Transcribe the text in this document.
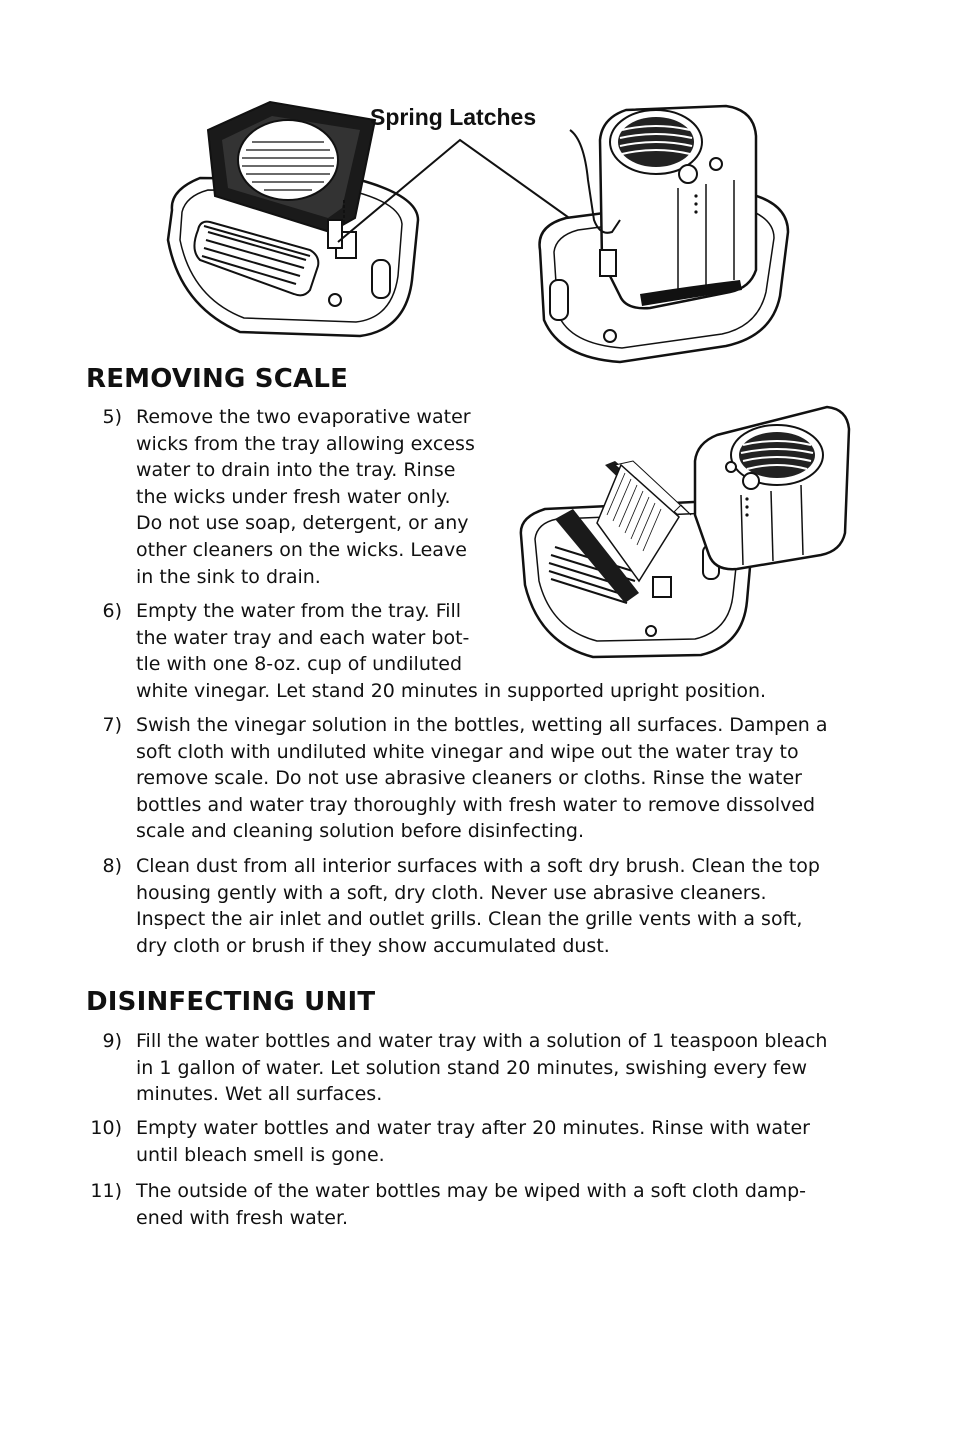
Spring Latches
REMOVING SCALE
5) Remove the two evaporative water
wicks from the tray allowing excess
water to drain into the tray. Rinse
the wicks under fresh water only.
Do not use soap, detergent, or any
other cleaners on the wicks. Leave
in the sink to drain.
6) Empty the water from the tray. Fill
the water tray and each water bot-
tle with one 8-oz. cup of undiluted
white vinegar. Let stand 20 minutes in supported upright position.
7) Swish the vinegar solution in the bottles, wetting all surfaces. Dampen a
soft cloth with undiluted white vinegar and wipe out the water tray to
remove scale. Do not use abrasive cleaners or cloths. Rinse the water
bottles and water tray thoroughly with fresh water to remove dissolved
scale and cleaning solution before disinfecting.
8) Clean dust from all interior surfaces with a soft dry brush. Clean the top
housing gently with a soft, dry cloth. Never use abrasive cleaners.
Inspect the air inlet and outlet grills. Clean the grille vents with a soft,
dry cloth or brush if they show accumulated dust.
DISINFECTING UNIT
9) Fill the water bottles and water tray with a solution of 1 teaspoon bleach
in 1 gallon of water. Let solution stand 20 minutes, swishing every few
minutes. Wet all surfaces.
10) Empty water bottles and water tray after 20 minutes. Rinse with water
until bleach smell is gone.
11) The outside of the water bottles may be wiped with a soft cloth damp-
ened with fresh water.
